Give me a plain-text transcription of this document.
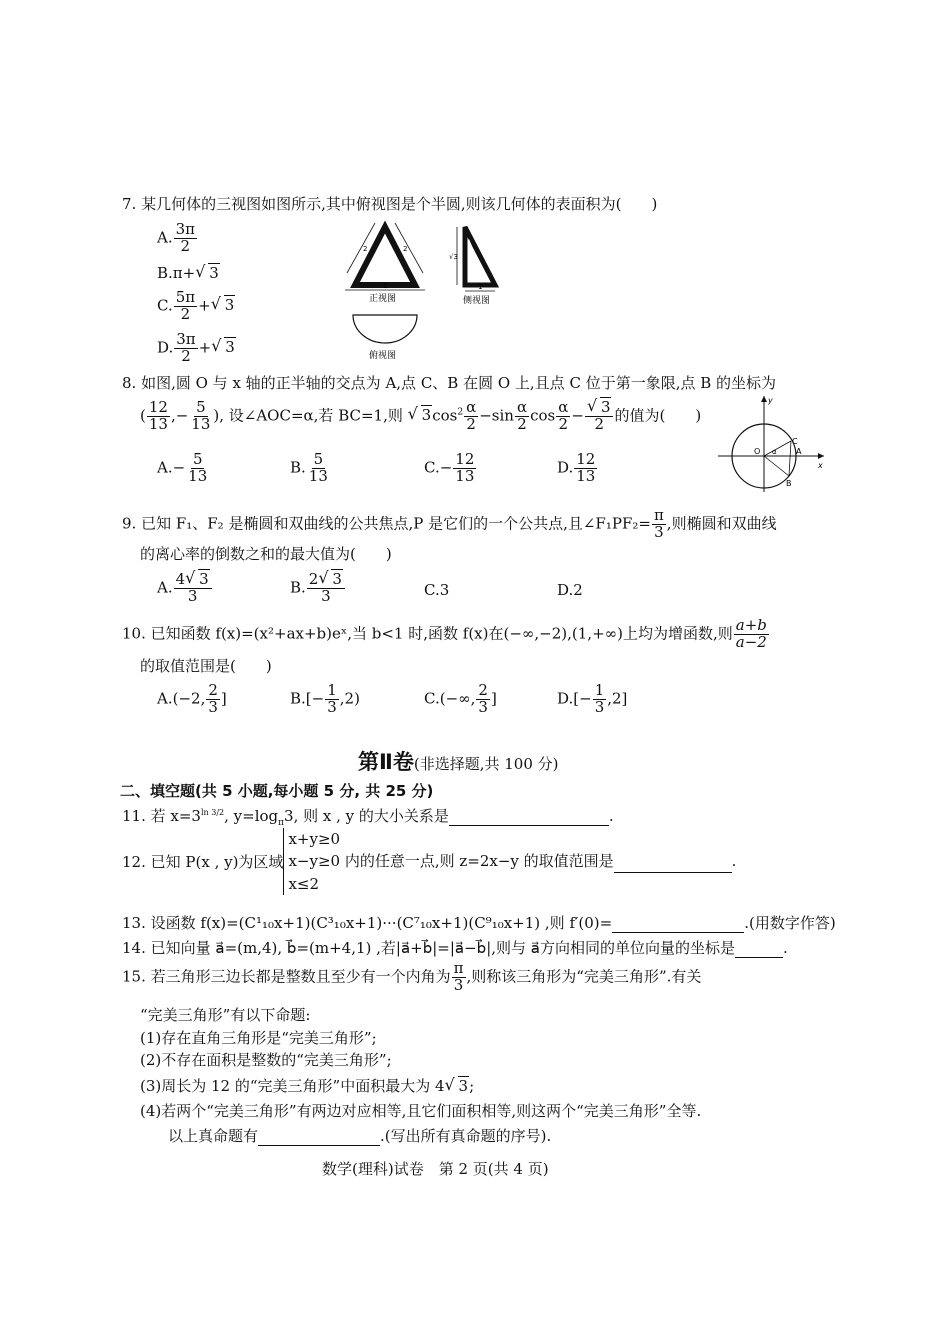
7. 某几何体的三视图如图所示,其中俯视图是个半圆,则该几何体的表面积为(　　)
A. $\frac{3\pi}{2}$
B.π+ √ 3
C. $\frac{5\pi}{2}$ + √ 3
D. $\frac{3\pi}{2}$ + √ 3
2	2
2
正视图
√3
1
侧视图
俯视图
8. 如图,圆 O 与 x 轴的正半轴的交点为 A,点 C、B 在圆 O 上,且点 C 位于第一象限,点 B 的坐标为
( $\frac{12}{13}$ ,− $\frac{5}{13}$ ), 设∠AOC=α,若 BC=1,则 √ $3\cos^2 \frac{\alpha}{2} -\sin \frac{\alpha}{2}$ $\cos \frac{\alpha}{2} - \frac{√ 3}{2}$ 的值为(　　)
$A.- \frac{5}{13}$	B. $\frac{5}{13}$	$C.- \frac{12}{13}$	D. $\frac{12}{13}$
y
x
O	A
C
B
α
9. 已知 F₁、F₂ 是椭圆和双曲线的公共焦点,P 是它们的一个公共点,且∠F₁PF₂= $\frac{\pi}{3}$ ,则椭圆和双曲线
的离心率的倒数之和的最大值为(　　)
A. $\frac{4 √ 3}{3}$	B. $\frac{2 √ 3}{3}$	C.3	D.2
10. 已知函数 f(x)=(x²+ax+b)eˣ,当 b<1 时,函数 f(x)在(−∞,−2),(1,+∞)上均为增函数,则 $\frac{a+b}{a-2}$
的取值范围是(　　)
A.(−2, $\frac{2}{3}$ ]	$B.[- \frac{1}{3} ,2)$	C.(−∞, $\frac{2}{3}$ ]	$D.[- \frac{1}{3} ,2]$
第Ⅱ卷(非选择题,共 100 分)
二、填空题(共 5 小题,每小题 5 分, 共 25 分)
11. 若 $x=3^{ln 3/2}$, $y=\log_\pi 3$, 则 x , y 的大小关系是	.
12. 已知 P(x , y)为区域x+y≥0
x−y≥0 内的任意一点,则 z=2x−y 的取值范围是	.
x≤2
13. 设函数 f(x)=(C¹₁₀x+1)(C³₁₀x+1)···(C⁷₁₀x+1)(C⁹₁₀x+1) ,则 f′(0)=	.(用数字作答)
14. 已知向量 a⃗=(m,4), b⃗=(m+4,1) ,若|a⃗+b⃗|=|a⃗−b⃗|,则与 a⃗方向相同的单位向量的坐标是	.
15. 若三角形三边长都是整数且至少有一个内角为 $\frac{\pi}{3}$ ,则称该三角形为“完美三角形”.有关
“完美三角形”有以下命题:
(1)存在直角三角形是“完美三角形”;
(2)不存在面积是整数的“完美三角形”;
(3)周长为 12 的“完美三角形”中面积最大为 4 √ 3;
(4)若两个“完美三角形”有两边对应相等,且它们面积相等,则这两个“完美三角形”全等.
以上真命题有	.(写出所有真命题的序号).
数学(理科)试卷　第 2 页(共 4 页)
